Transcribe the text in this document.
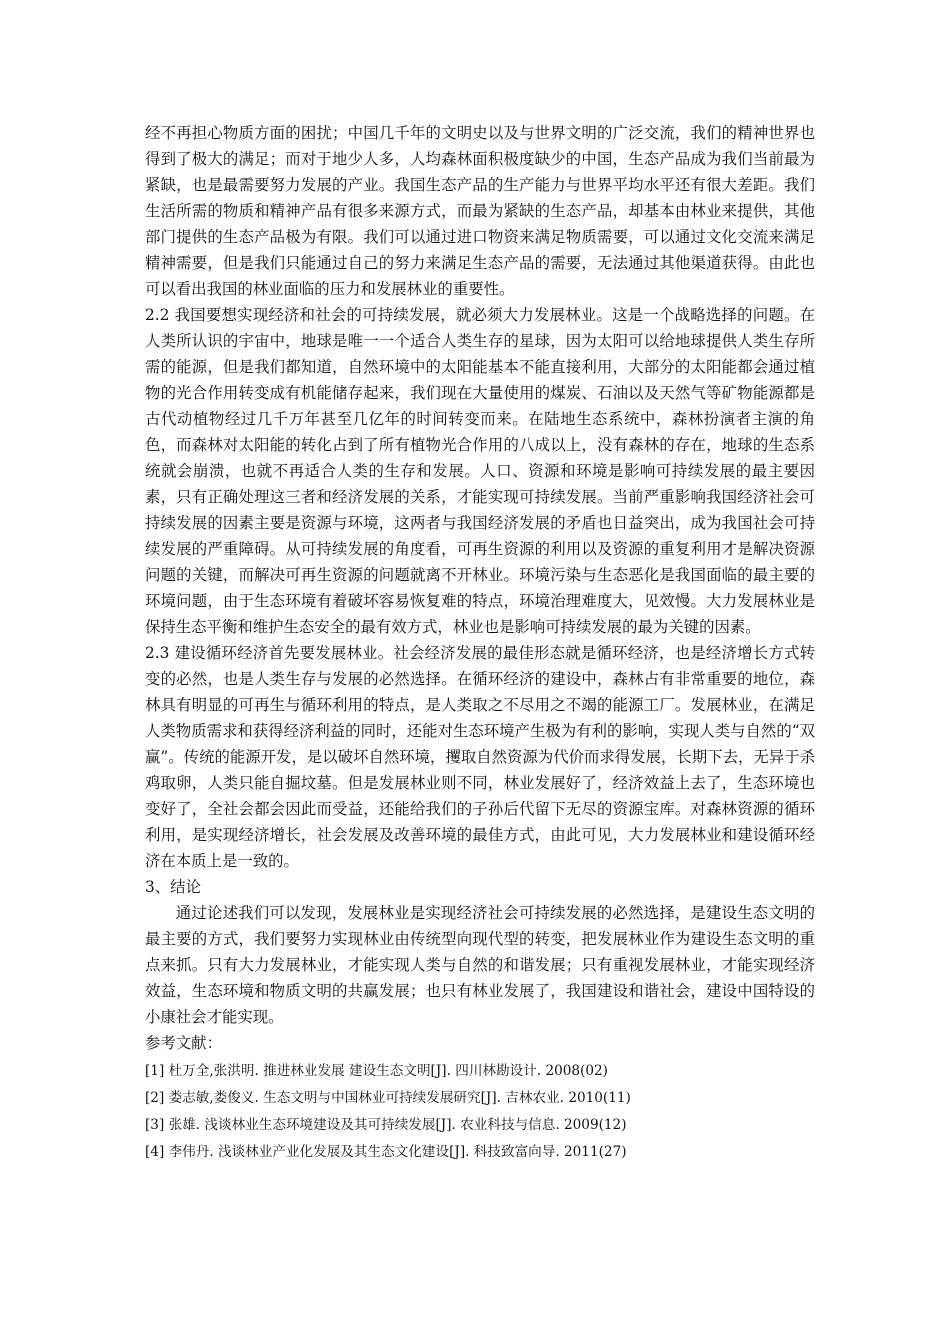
经不再担心物质方面的困扰；中国几千年的文明史以及与世界文明的广泛交流，我们的精神世界也得到了极大的满足；而对于地少人多，人均森林面积极度缺少的中国，生态产品成为我们当前最为紧缺，也是最需要努力发展的产业。我国生态产品的生产能力与世界平均水平还有很大差距。我们生活所需的物质和精神产品有很多来源方式，而最为紧缺的生态产品，却基本由林业来提供，其他部门提供的生态产品极为有限。我们可以通过进口物资来满足物质需要，可以通过文化交流来满足精神需要，但是我们只能通过自己的努力来满足生态产品的需要，无法通过其他渠道获得。由此也可以看出我国的林业面临的压力和发展林业的重要性。

2.2 我国要想实现经济和社会的可持续发展，就必须大力发展林业。这是一个战略选择的问题。在人类所认识的宇宙中，地球是唯一一个适合人类生存的星球，因为太阳可以给地球提供人类生存所需的能源，但是我们都知道，自然环境中的太阳能基本不能直接利用，大部分的太阳能都会通过植物的光合作用转变成有机能储存起来，我们现在大量使用的煤炭、石油以及天然气等矿物能源都是古代动植物经过几千万年甚至几亿年的时间转变而来。在陆地生态系统中，森林扮演者主演的角色，而森林对太阳能的转化占到了所有植物光合作用的八成以上，没有森林的存在，地球的生态系统就会崩溃，也就不再适合人类的生存和发展。人口、资源和环境是影响可持续发展的最主要因素，只有正确处理这三者和经济发展的关系，才能实现可持续发展。当前严重影响我国经济社会可持续发展的因素主要是资源与环境，这两者与我国经济发展的矛盾也日益突出，成为我国社会可持续发展的严重障碍。从可持续发展的角度看，可再生资源的利用以及资源的重复利用才是解决资源问题的关键，而解决可再生资源的问题就离不开林业。环境污染与生态恶化是我国面临的最主要的环境问题，由于生态环境有着破坏容易恢复难的特点，环境治理难度大，见效慢。大力发展林业是保持生态平衡和维护生态安全的最有效方式，林业也是影响可持续发展的最为关键的因素。

2.3 建设循环经济首先要发展林业。社会经济发展的最佳形态就是循环经济，也是经济增长方式转变的必然，也是人类生存与发展的必然选择。在循环经济的建设中，森林占有非常重要的地位，森林具有明显的可再生与循环利用的特点，是人类取之不尽用之不竭的能源工厂。发展林业，在满足人类物质需求和获得经济利益的同时，还能对生态环境产生极为有利的影响，实现人类与自然的“双赢”。传统的能源开发，是以破坏自然环境，攫取自然资源为代价而求得发展，长期下去，无异于杀鸡取卵，人类只能自掘坟墓。但是发展林业则不同，林业发展好了，经济效益上去了，生态环境也变好了，全社会都会因此而受益，还能给我们的子孙后代留下无尽的资源宝库。对森林资源的循环利用，是实现经济增长，社会发展及改善环境的最佳方式，由此可见，大力发展林业和建设循环经济在本质上是一致的。

3、结论

通过论述我们可以发现，发展林业是实现经济社会可持续发展的必然选择，是建设生态文明的最主要的方式，我们要努力实现林业由传统型向现代型的转变，把发展林业作为建设生态文明的重点来抓。只有大力发展林业，才能实现人类与自然的和谐发展；只有重视发展林业，才能实现经济效益，生态环境和物质文明的共赢发展；也只有林业发展了，我国建设和谐社会，建设中国特设的小康社会才能实现。

参考文献：

[1] 杜万全,张洪明. 推进林业发展 建设生态文明[J]. 四川林勘设计. 2008(02)

[2] 娄志敏,娄俊义. 生态文明与中国林业可持续发展研究[J]. 吉林农业. 2010(11)

[3] 张雄. 浅谈林业生态环境建设及其可持续发展[J]. 农业科技与信息. 2009(12)

[4] 李伟丹. 浅谈林业产业化发展及其生态文化建设[J]. 科技致富向导. 2011(27)
